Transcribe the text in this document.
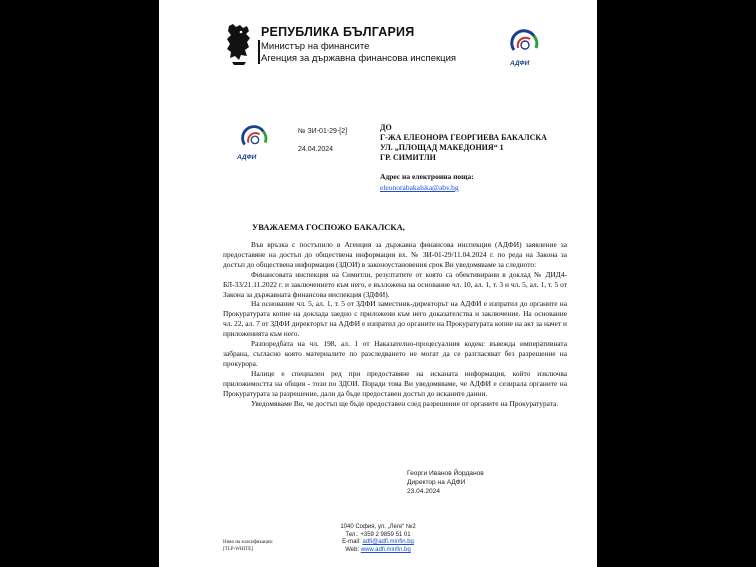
РЕПУБЛИКА БЪЛГАРИЯ
Министър на финансите
Агенция за държавна финансова инспекция	АДФИ
АДФИ
№ ЗИ-01-29-[2]
24.04.2024
ДО
Г-ЖА ЕЛЕОНОРА ГЕОРГИЕВА БАКАЛСКА
УЛ. „ПЛОЩАД МАКЕДОНИЯ“ 1
ГР. СИМИТЛИ
Адрес на електронна поща:
eleonorabakalska@abv.bg
УВАЖАЕМА ГОСПОЖО БАКАЛСКА,

Във връзка с постъпило в Агенция за държавна финансова инспекция (АДФИ) заявление за предоставяне на достъп до обществена информация вх. № ЗИ-01-29/11.04.2024 г. по реда на Закона за достъп до обществена информация (ЗДОИ) в законоустановения срок Ви уведомяваме за следното:

Финансовата инспекция на Симитли, резултатите от която са обективирани в доклад № ДИД4-БЛ-33/21.11.2022 г. и заключението към него, е възложена на основание чл. 10, ал. 1, т. 3 и чл. 5, ал. 1, т. 5 от Закона за държавната финансова инспекция (ЗДФИ).

На основание чл. 5, ал. 1, т. 5 от ЗДФИ заместник-директорът на АДФИ е изпратил до органите на Прокуратурата копие на доклада заедно с приложени към него доказателства и заключение. На основание чл. 22, ал. 7 от ЗДФИ директорът на АДФИ е изпратил до органите на Прокуратурата копие на акт за начет и приложенията към него.

Разпоредбата на чл. 198, ал. 1 от Наказателно-процесуалния кодекс въвежда императивната забрана, съгласно която материалите по разследването не могат да се разгласяват без разрешение на прокурора.

Налице е специален ред при предоставяне на исканата информация, който изключва приложимостта на общия - този по ЗДОИ. Поради това Ви уведомяваме, че АДФИ е сезирала органите на Прокуратурата за разрешение, дали да бъде предоставен достъп до исканите данни.

Уведомяваме Ви, че достъп ще бъде предоставен след разрешение от органите на Прокуратурата.

Георги Иванов Йорданов
Директор на АДФИ
23.04.2024
Ниво на класификация:
[TLP-WHITE]
1040 София, ул. „Леге“ №2
Тел.: +359 2 9859 51 01
E-mail: adfi@adfi.minfin.bg
Web: www.adfi.minfin.bg
